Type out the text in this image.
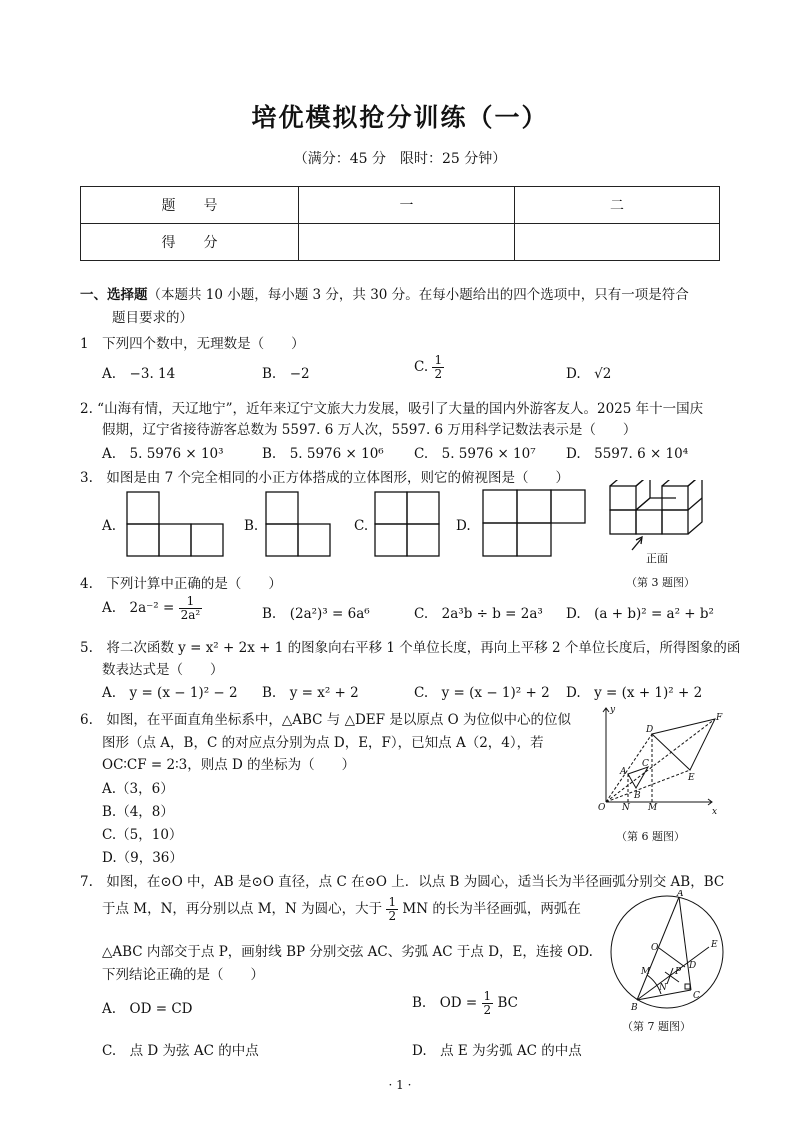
培优模拟抢分训练（一）
（满分：45 分　限时：25 分钟）
题　　号	一	二
得　　分		
一、选择题（本题共 10 小题，每小题 3 分，共 30 分。在每小题给出的四个选项中，只有一项是符合
题目要求的）
1　下列四个数中，无理数是（　　）
A.　−3. 14	B.　−2	C. $\frac{1}{2}$	D.　√2
2. “山海有情，天辽地宁”，近年来辽宁文旅大力发展，吸引了大量的国内外游客友人。2025 年十一国庆
假期，辽宁省接待游客总数为 5597. 6 万人次，5597. 6 万用科学记数法表示是（　　）
A.　5. 5976 × 10³	B.　5. 5976 × 10⁶ C.　5. 5976 × 10⁷ D.　5597. 6 × 10⁴
3.　如图是由 7 个完全相同的小正方体搭成的立体图形，则它的俯视图是（　　）
A.	B.	C.	D.
正面
（第 3 题图）
4.　下列计算中正确的是（　　）
A.　$2a^{-2} = \frac{1}{\text{2a²}}$	B.　(2a²)³ = 6a⁶	C.　2a³b ÷ b = 2a³ D.　(a + b)² = a² + b²
5.　将二次函数 y = x² + 2x + 1 的图象向右平移 1 个单位长度，再向上平移 2 个单位长度后，所得图象的函
数表达式是（　　）
A.　y = (x − 1)² − 2 B.　y = x² + 2	C.　y = (x − 1)² + 2 D.　y = (x + 1)² + 2
6.　如图，在平面直角坐标系中，△ABC 与 △DEF 是以原点 O 为位似中心的位似
图形（点 A，B，C 的对应点分别为点 D，E，F），已知点 A（2，4），若
OC∶CF = 2∶3，则点 D 的坐标为（　　）
A.（3，6）
B.（4，8）
C.（5，10）
D.（9，36）
y
x
O N
B
M
A
C
D
E
F
（第 6 题图）
7.　如图，在⊙O 中，AB 是⊙O 直径，点 C 在⊙O 上．以点 B 为圆心，适当长为半径画弧分别交 AB，BC
于点 M，N，再分别以点 M，N 为圆心，大于 $\frac{1}{2}$ MN 的长为半径画弧，两弧在
△ABC 内部交于点 P，画射线 BP 分别交弦 AC、劣弧 AC 于点 D，E，连接 OD.
下列结论正确的是（　　）
A.　OD = CD	B.　OD = $\frac{1}{2}$ BC
C.　点 D 为弦 AC 的中点	D.　点 E 为劣弧 AC 的中点
A
O	E
M
D
P
N
B
C
（第 7 题图）
· 1 ·
